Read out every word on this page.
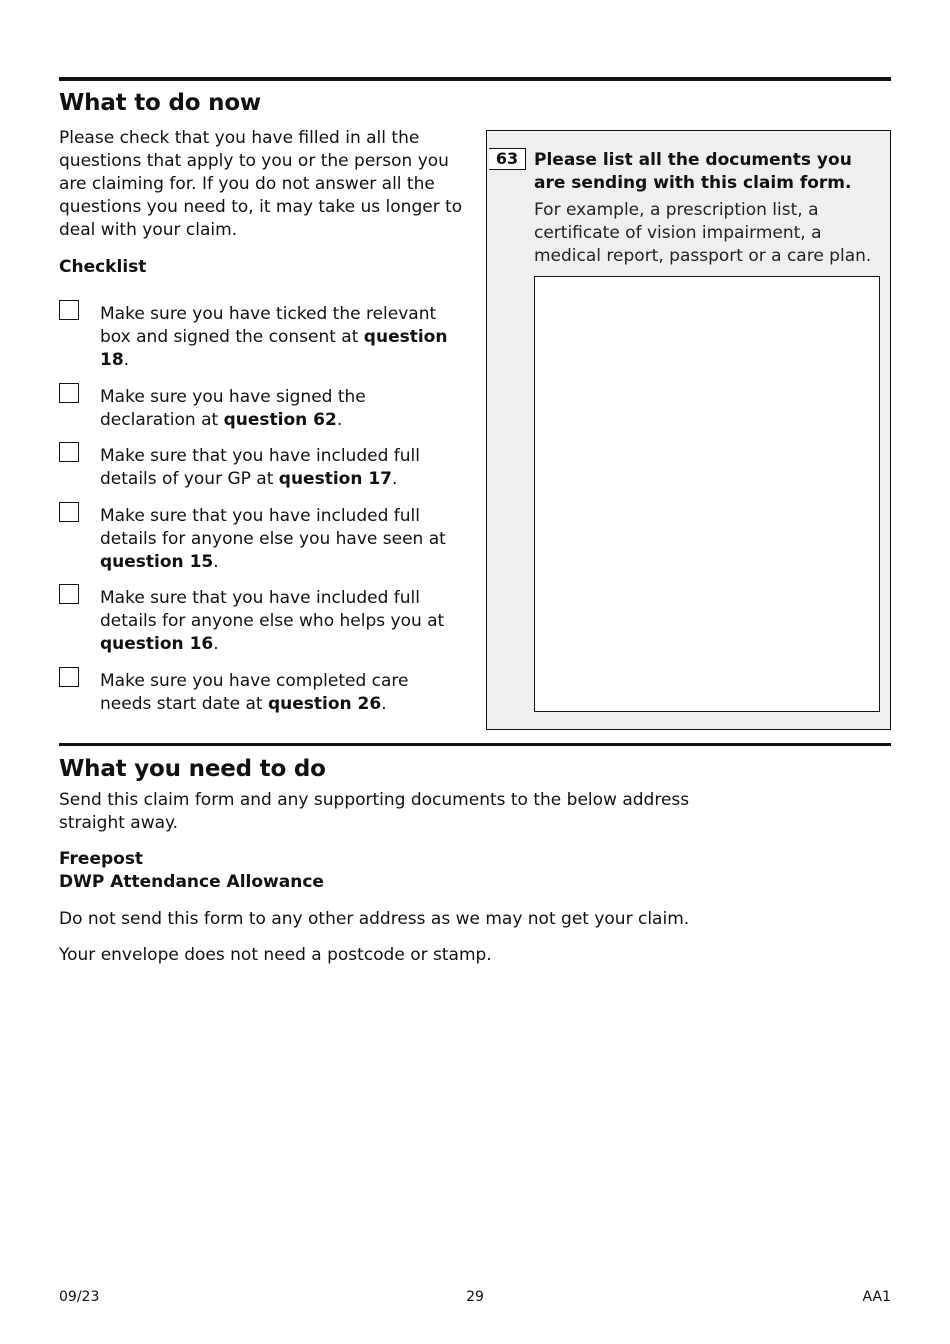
What to do now

Please check that you have filled in all the questions that apply to you or the person you are claiming for. If you do not answer all the questions you need to, it may take us longer to deal with your claim.

Checklist

Make sure you have ticked the relevant box and signed the consent at question 18.

Make sure you have signed the declaration at question 62.

Make sure that you have included full details of your GP at question 17.

Make sure that you have included full details for anyone else you have seen at question 15.

Make sure that you have included full details for anyone else who helps you at question 16.

Make sure you have completed care needs start date at question 26.

63 Please list all the documents you are sending with this claim form.

For example, a prescription list, a certificate of vision impairment, a medical report, passport or a care plan.

What you need to do

Send this claim form and any supporting documents to the below address straight away.

Freepost
DWP Attendance Allowance

Do not send this form to any other address as we may not get your claim.

Your envelope does not need a postcode or stamp.

09/23	29	AA1
